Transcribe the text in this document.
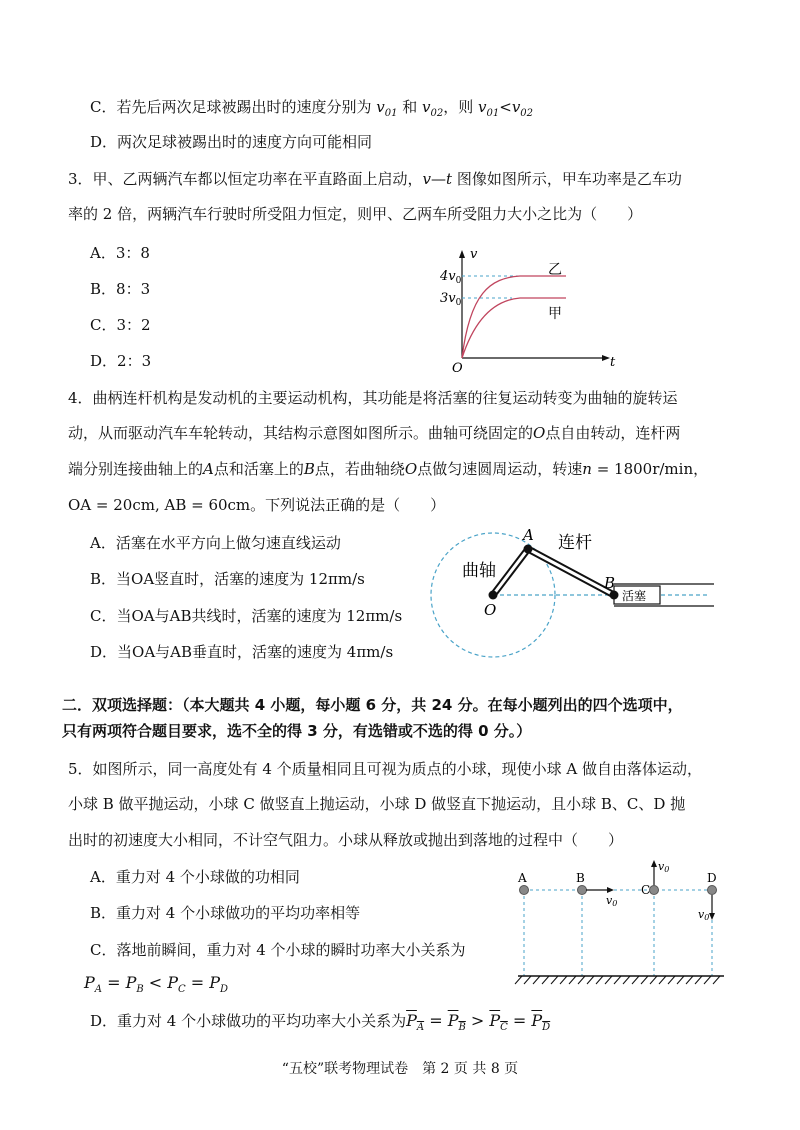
C．若先后两次足球被踢出时的速度分别为 $v_{01}$ 和 $v_{02}$，则 $v_{01}<v_{02}$
D．两次足球被踢出时的速度方向可能相同
3．甲、乙两辆汽车都以恒定功率在平直路面上启动，v—t 图像如图所示，甲车功率是乙车功
率的 2 倍，两辆汽车行驶时所受阻力恒定，则甲、乙两车所受阻力大小之比为（　　）
A．3：8
B．8：3
C．3：2
D．2：3
v
t
O
$4v_0$
$3v_0$
乙
甲
4．曲柄连杆机构是发动机的主要运动机构，其功能是将活塞的往复运动转变为曲轴的旋转运
动，从而驱动汽车车轮转动，其结构示意图如图所示。曲轴可绕固定的O点自由转动，连杆两
端分别连接曲轴上的A点和活塞上的B点，若曲轴绕O点做匀速圆周运动，转速n = 1800r/min，
OA = 20cm, AB = 60cm。下列说法正确的是（　　）
A．活塞在水平方向上做匀速直线运动
B．当OA竖直时，活塞的速度为 12πm/s
C．当OA与AB共线时，活塞的速度为 12πm/s
D．当OA与AB垂直时，活塞的速度为 4πm/s
曲轴
连杆
活塞
A
B
O
二．双项选择题：（本大题共 4 小题，每小题 6 分，共 24 分。在每小题列出的四个选项中，
只有两项符合题目要求，选不全的得 3 分，有选错或不选的得 0 分。）
5．如图所示，同一高度处有 4 个质量相同且可视为质点的小球，现使小球 A 做自由落体运动，
小球 B 做平抛运动，小球 C 做竖直上抛运动，小球 D 做竖直下抛运动，且小球 B、C、D 抛
出时的初速度大小相同，不计空气阻力。小球从释放或抛出到落地的过程中（　　）
A．重力对 4 个小球做的功相同
B．重力对 4 个小球做功的平均功率相等
C．落地前瞬间，重力对 4 个小球的瞬时功率大小关系为
$P_A = P_B < P_C = P_D$
D．重力对 4 个小球做功的平均功率大小关系为$P_A = P_B > P_C = P_D$
A	B
C
D
v0
v0
v0
“五校”联考物理试卷　第 2 页 共 8 页
